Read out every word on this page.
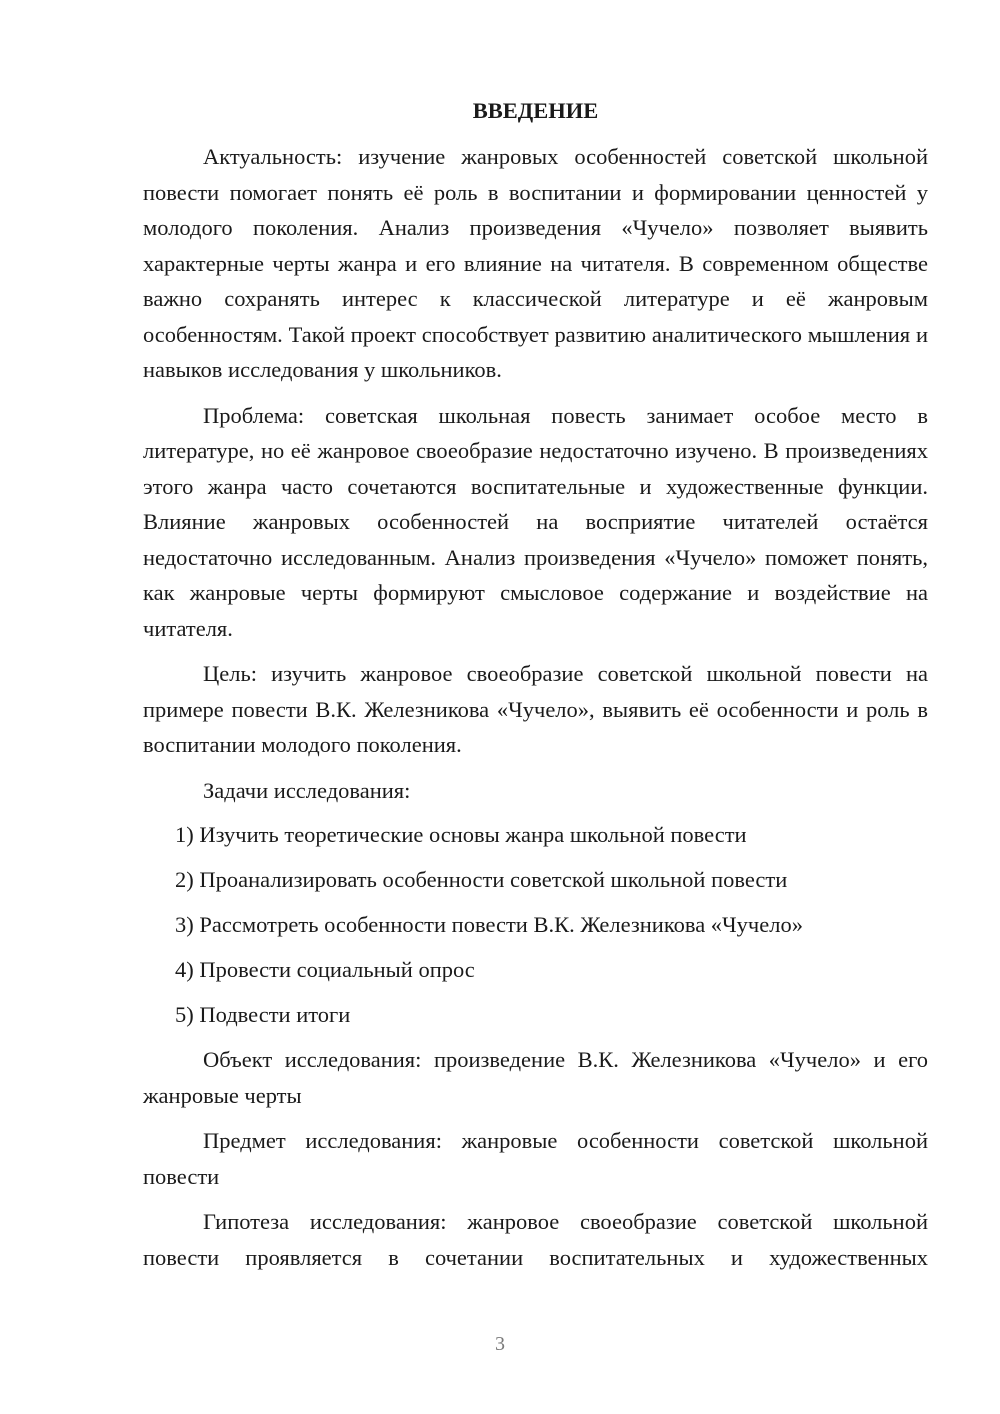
ВВЕДЕНИЕ

Актуальность: изучение жанровых особенностей советской школьной повести помогает понять её роль в воспитании и формировании ценностей у молодого поколения. Анализ произведения «Чучело» позволяет выявить характерные черты жанра и его влияние на читателя. В современном обществе важно сохранять интерес к классической литературе и её жанровым особенностям. Такой проект способствует развитию аналитического мышления и навыков исследования у школьников.

Проблема: советская школьная повесть занимает особое место в литературе, но её жанровое своеобразие недостаточно изучено. В произведениях этого жанра часто сочетаются воспитательные и художественные функции. Влияние жанровых особенностей на восприятие читателей остаётся недостаточно исследованным. Анализ произведения «Чучело» поможет понять, как жанровые черты формируют смысловое содержание и воздействие на читателя.

Цель: изучить жанровое своеобразие советской школьной повести на примере повести В.К. Железникова «Чучело», выявить её особенности и роль в воспитании молодого поколения.

Задачи исследования:

1) Изучить теоретические основы жанра школьной повести
2) Проанализировать особенности советской школьной повести
3) Рассмотреть особенности повести В.К. Железникова «Чучело»
4) Провести социальный опрос
5) Подвести итоги

Объект исследования: произведение В.К. Железникова «Чучело» и его жанровые черты

Предмет исследования: жанровые особенности советской школьной повести

Гипотеза исследования: жанровое своеобразие советской школьной повести проявляется в сочетании воспитательных и художественных

3
